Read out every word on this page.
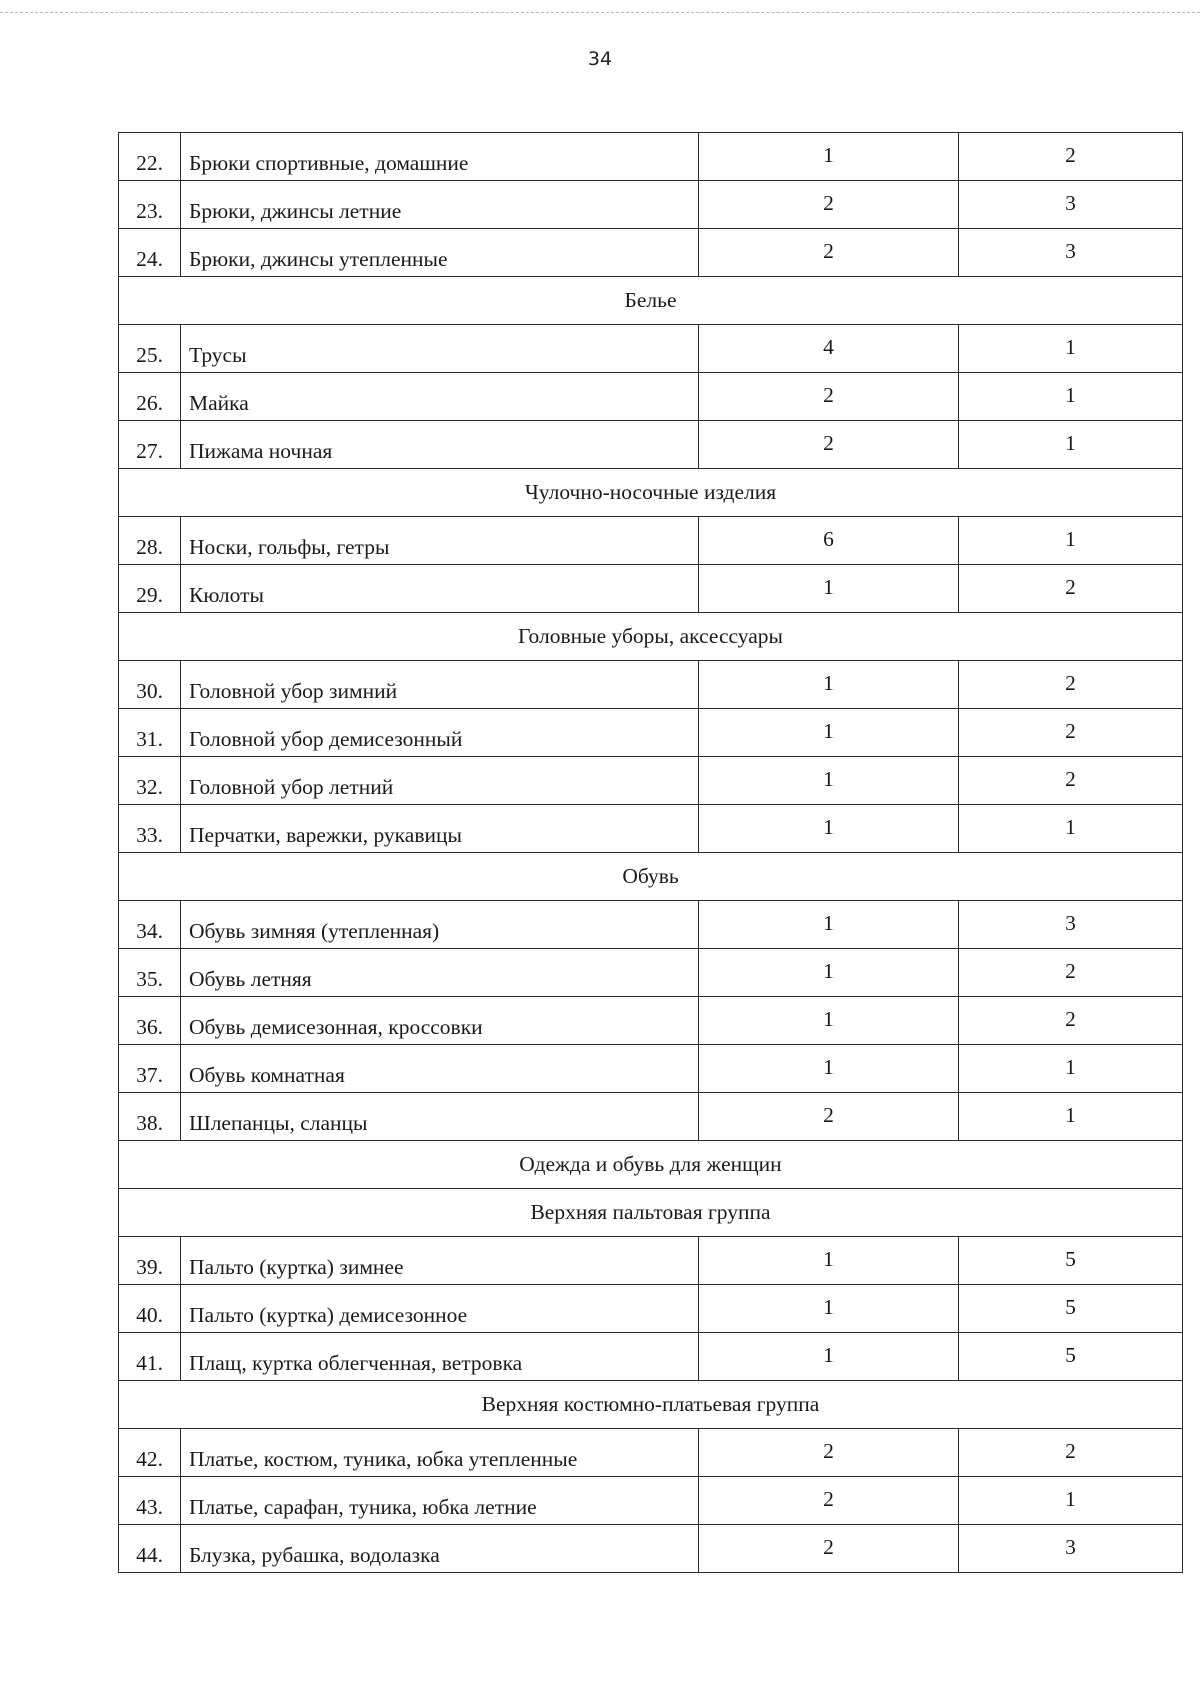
34
22.	Брюки спортивные, домашние	1	2
23.	Брюки, джинсы летние	2	3
24.	Брюки, джинсы утепленные	2	3
Белье			
25.	Трусы	4	1
26.	Майка	2	1
27.	Пижама ночная	2	1
Чулочно-носочные изделия			
28.	Носки, гольфы, гетры	6	1
29.	Кюлоты	1	2
Головные уборы, аксессуары			
30.	Головной убор зимний	1	2
31.	Головной убор демисезонный	1	2
32.	Головной убор летний	1	2
33.	Перчатки, варежки, рукавицы	1	1
Обувь			
34.	Обувь зимняя (утепленная)	1	3
35.	Обувь летняя	1	2
36.	Обувь демисезонная, кроссовки	1	2
37.	Обувь комнатная	1	1
38.	Шлепанцы, сланцы	2	1
Одежда и обувь для женщин			
Верхняя пальтовая группа			
39.	Пальто (куртка) зимнее	1	5
40.	Пальто (куртка) демисезонное	1	5
41.	Плащ, куртка облегченная, ветровка	1	5
Верхняя костюмно-платьевая группа			
42.	Платье, костюм, туника, юбка утепленные	2	2
43.	Платье, сарафан, туника, юбка летние	2	1
44.	Блузка, рубашка, водолазка	2	3
